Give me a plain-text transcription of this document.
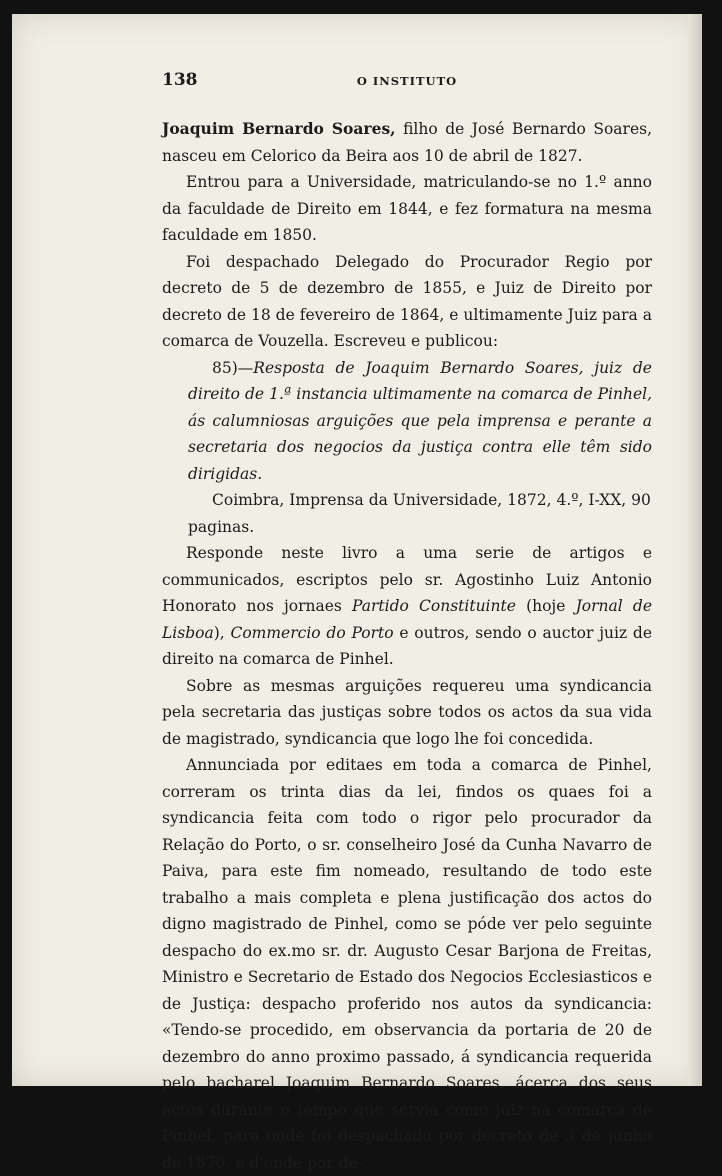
138	O INSTITUTO

Joaquim Bernardo Soares, filho de José Bernardo Soares, nasceu em Celorico da Beira aos 10 de abril de 1827.

Entrou para a Universidade, matriculando-se no 1.º anno da faculdade de Direito em 1844, e fez formatura na mesma faculdade em 1850.

Foi despachado Delegado do Procurador Regio por decreto de 5 de dezembro de 1855, e Juiz de Direito por decreto de 18 de fevereiro de 1864, e ultimamente Juiz para a comarca de Vouzella. Escreveu e publicou:

85)—Resposta de Joaquim Bernardo Soares, juiz de direito de 1.ª instancia ultimamente na comarca de Pinhel, ás calumniosas arguições que pela imprensa e perante a secretaria dos negocios da justiça contra elle têm sido dirigidas.

Coimbra, Imprensa da Universidade, 1872, 4.º, I-XX, 90
paginas.

Responde neste livro a uma serie de artigos e communicados, escriptos pelo sr. Agostinho Luiz Antonio Honorato nos jornaes Partido Constituinte (hoje Jornal de Lisboa), Commercio do Porto e outros, sendo o auctor juiz de direito na comarca de Pinhel.

Sobre as mesmas arguições requereu uma syndicancia pela secretaria das justiças sobre todos os actos da sua vida de magistrado, syndicancia que logo lhe foi concedida.

Annunciada por editaes em toda a comarca de Pinhel, correram os trinta dias da lei, findos os quaes foi a syndicancia feita com todo o rigor pelo procurador da Relação do Porto, o sr. conselheiro José da Cunha Navarro de Paiva, para este fim nomeado, resultando de todo este trabalho a mais completa e plena justificação dos actos do digno magistrado de Pinhel, como se póde ver pelo seguinte despacho do ex.mo sr. dr. Augusto Cesar Barjona de Freitas, Ministro e Secretario de Estado dos Negocios Ecclesiasticos e de Justiça: despacho proferido nos autos da syndicancia: «Tendo-se procedido, em observancia da portaria de 20 de dezembro do anno proximo passado, á syndicancia requerida pelo bacharel Joaquim Bernardo Soares, ácerca dos seus actos durante o tempo que servia como juiz na comarca de Pinhel, para onde foi despachado por decreto de 3 de junho de 1870, e d'onde por de-
